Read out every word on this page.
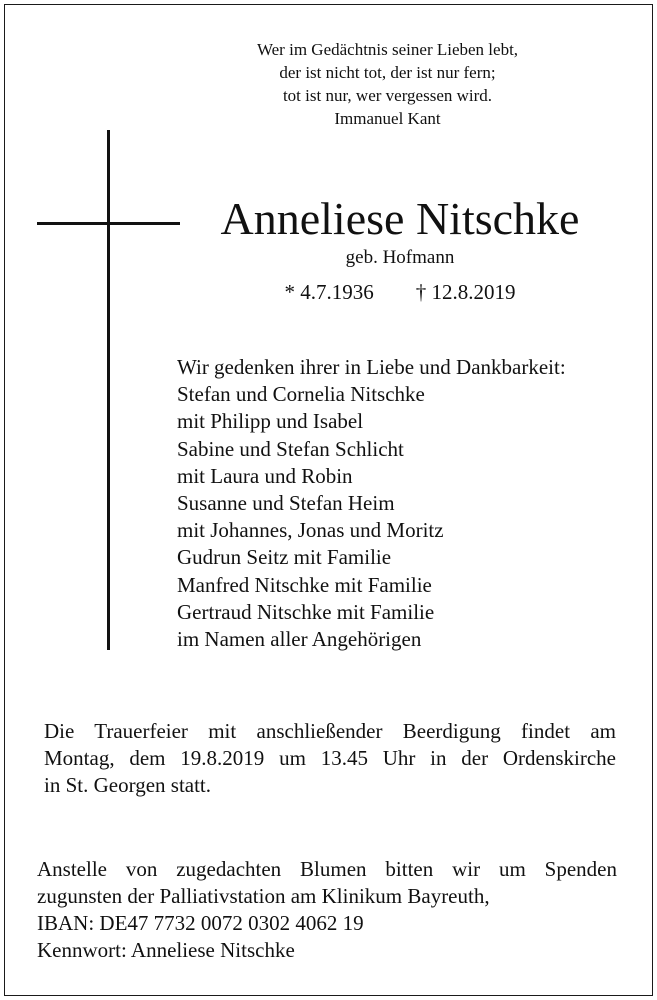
Wer im Gedächtnis seiner Lieben lebt,
der ist nicht tot, der ist nur fern;
tot ist nur, wer vergessen wird.
Immanuel Kant
Anneliese Nitschke
geb. Hofmann
* 4.7.1936 † 12.8.2019
Wir gedenken ihrer in Liebe und Dankbarkeit:
Stefan und Cornelia Nitschke
mit Philipp und Isabel
Sabine und Stefan Schlicht
mit Laura und Robin
Susanne und Stefan Heim
mit Johannes, Jonas und Moritz
Gudrun Seitz mit Familie
Manfred Nitschke mit Familie
Gertraud Nitschke mit Familie
im Namen aller Angehörigen
Die Trauerfeier mit anschließender Beerdigung findet am
Montag, dem 19.8.2019 um 13.45 Uhr in der Ordenskirche
in St. Georgen statt.
Anstelle von zugedachten Blumen bitten wir um Spenden
zugunsten der Palliativstation am Klinikum Bayreuth,
IBAN: DE47 7732 0072 0302 4062 19
Kennwort: Anneliese Nitschke
